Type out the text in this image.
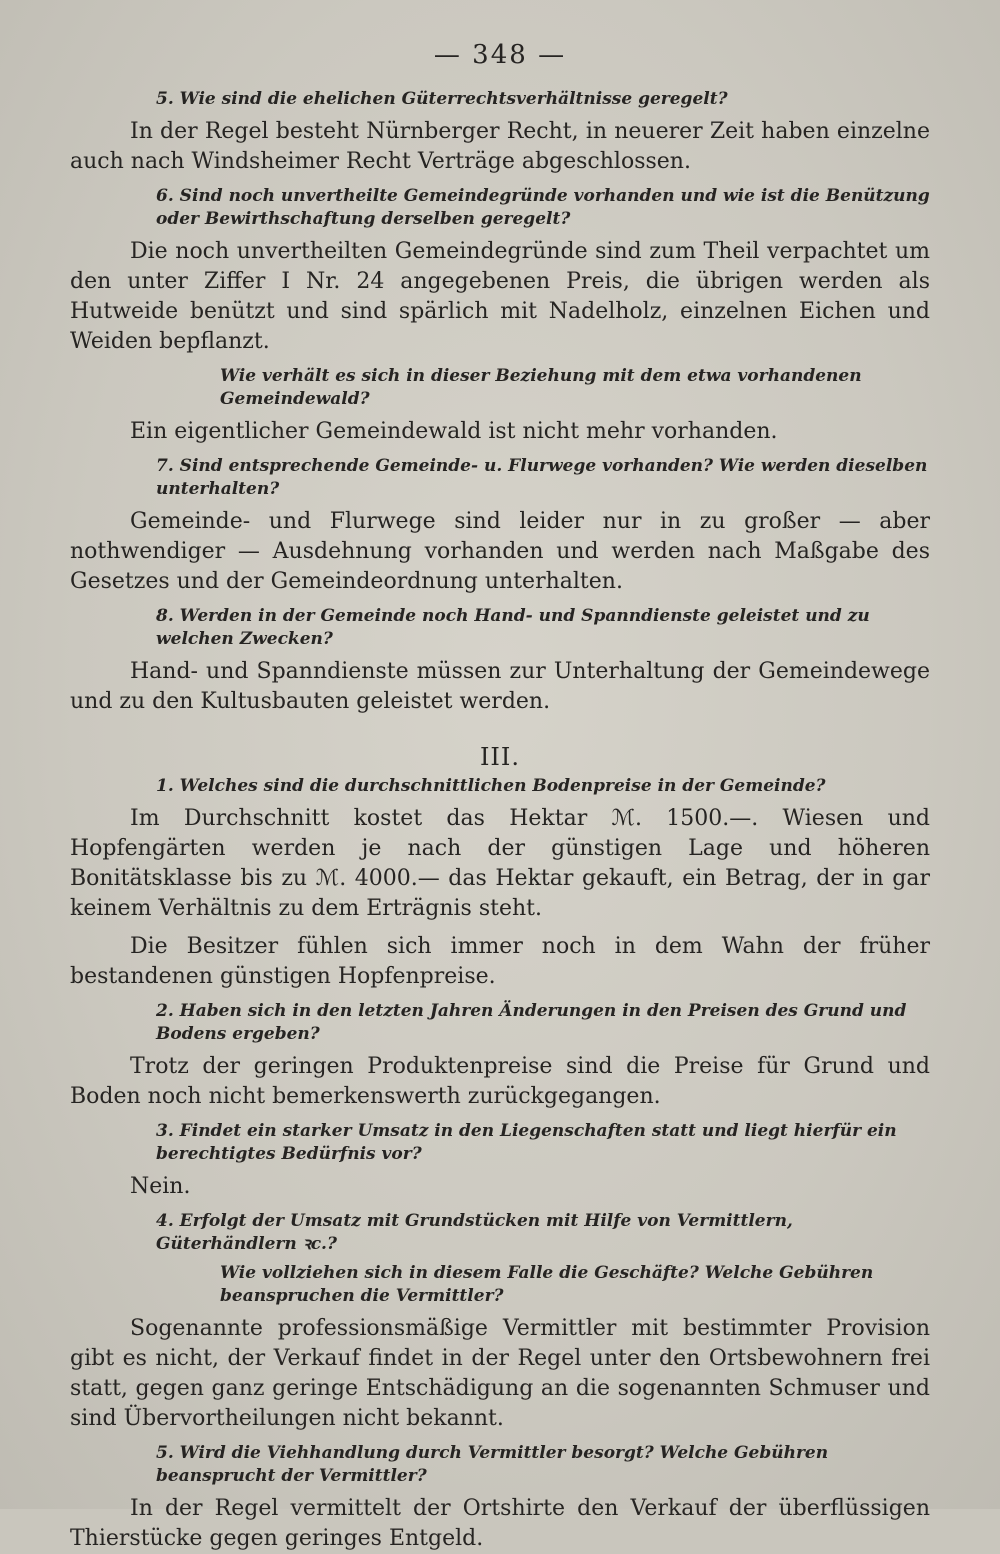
— 348 —

5. Wie sind die ehelichen Güterrechtsverhältnisse geregelt?

In der Regel besteht Nürnberger Recht, in neuerer Zeit haben einzelne auch nach Windsheimer Recht Verträge abgeschlossen.

6. Sind noch unvertheilte Gemeindegründe vorhanden und wie ist die Benützung oder Bewirthschaftung derselben geregelt?

Die noch unvertheilten Gemeindegründe sind zum Theil verpachtet um den unter Ziffer I Nr. 24 angegebenen Preis, die übrigen werden als Hutweide benützt und sind spärlich mit Nadelholz, einzelnen Eichen und Weiden bepflanzt.

Wie verhält es sich in dieser Beziehung mit dem etwa vorhandenen Gemeindewald?

Ein eigentlicher Gemeindewald ist nicht mehr vorhanden.

7. Sind entsprechende Gemeinde- u. Flurwege vorhanden? Wie werden dieselben unterhalten?

Gemeinde- und Flurwege sind leider nur in zu großer — aber nothwendiger — Ausdehnung vorhanden und werden nach Maßgabe des Gesetzes und der Gemeindeordnung unterhalten.

8. Werden in der Gemeinde noch Hand- und Spanndienste geleistet und zu welchen Zwecken?

Hand- und Spanndienste müssen zur Unterhaltung der Gemeindewege und zu den Kultusbauten geleistet werden.

III.

1. Welches sind die durchschnittlichen Bodenpreise in der Gemeinde?

Im Durchschnitt kostet das Hektar ℳ. 1500.—. Wiesen und Hopfengärten werden je nach der günstigen Lage und höheren Bonitätsklasse bis zu ℳ. 4000.— das Hektar gekauft, ein Betrag, der in gar keinem Verhältnis zu dem Erträgnis steht.

Die Besitzer fühlen sich immer noch in dem Wahn der früher bestandenen günstigen Hopfenpreise.

2. Haben sich in den letzten Jahren Änderungen in den Preisen des Grund und Bodens ergeben?

Trotz der geringen Produktenpreise sind die Preise für Grund und Boden noch nicht bemerkenswerth zurückgegangen.

3. Findet ein starker Umsatz in den Liegenschaften statt und liegt hierfür ein berechtigtes Bedürfnis vor?

Nein.

4. Erfolgt der Umsatz mit Grundstücken mit Hilfe von Vermittlern, Güterhändlern ꝛc.?

Wie vollziehen sich in diesem Falle die Geschäfte? Welche Gebühren beanspruchen die Vermittler?

Sogenannte professionsmäßige Vermittler mit bestimmter Provision gibt es nicht, der Verkauf findet in der Regel unter den Ortsbewohnern frei statt, gegen ganz geringe Entschädigung an die sogenannten Schmuser und sind Übervortheilungen nicht bekannt.

5. Wird die Viehhandlung durch Vermittler besorgt? Welche Gebühren beansprucht der Vermittler?

In der Regel vermittelt der Ortshirte den Verkauf der überflüssigen Thierstücke gegen geringes Entgeld.
